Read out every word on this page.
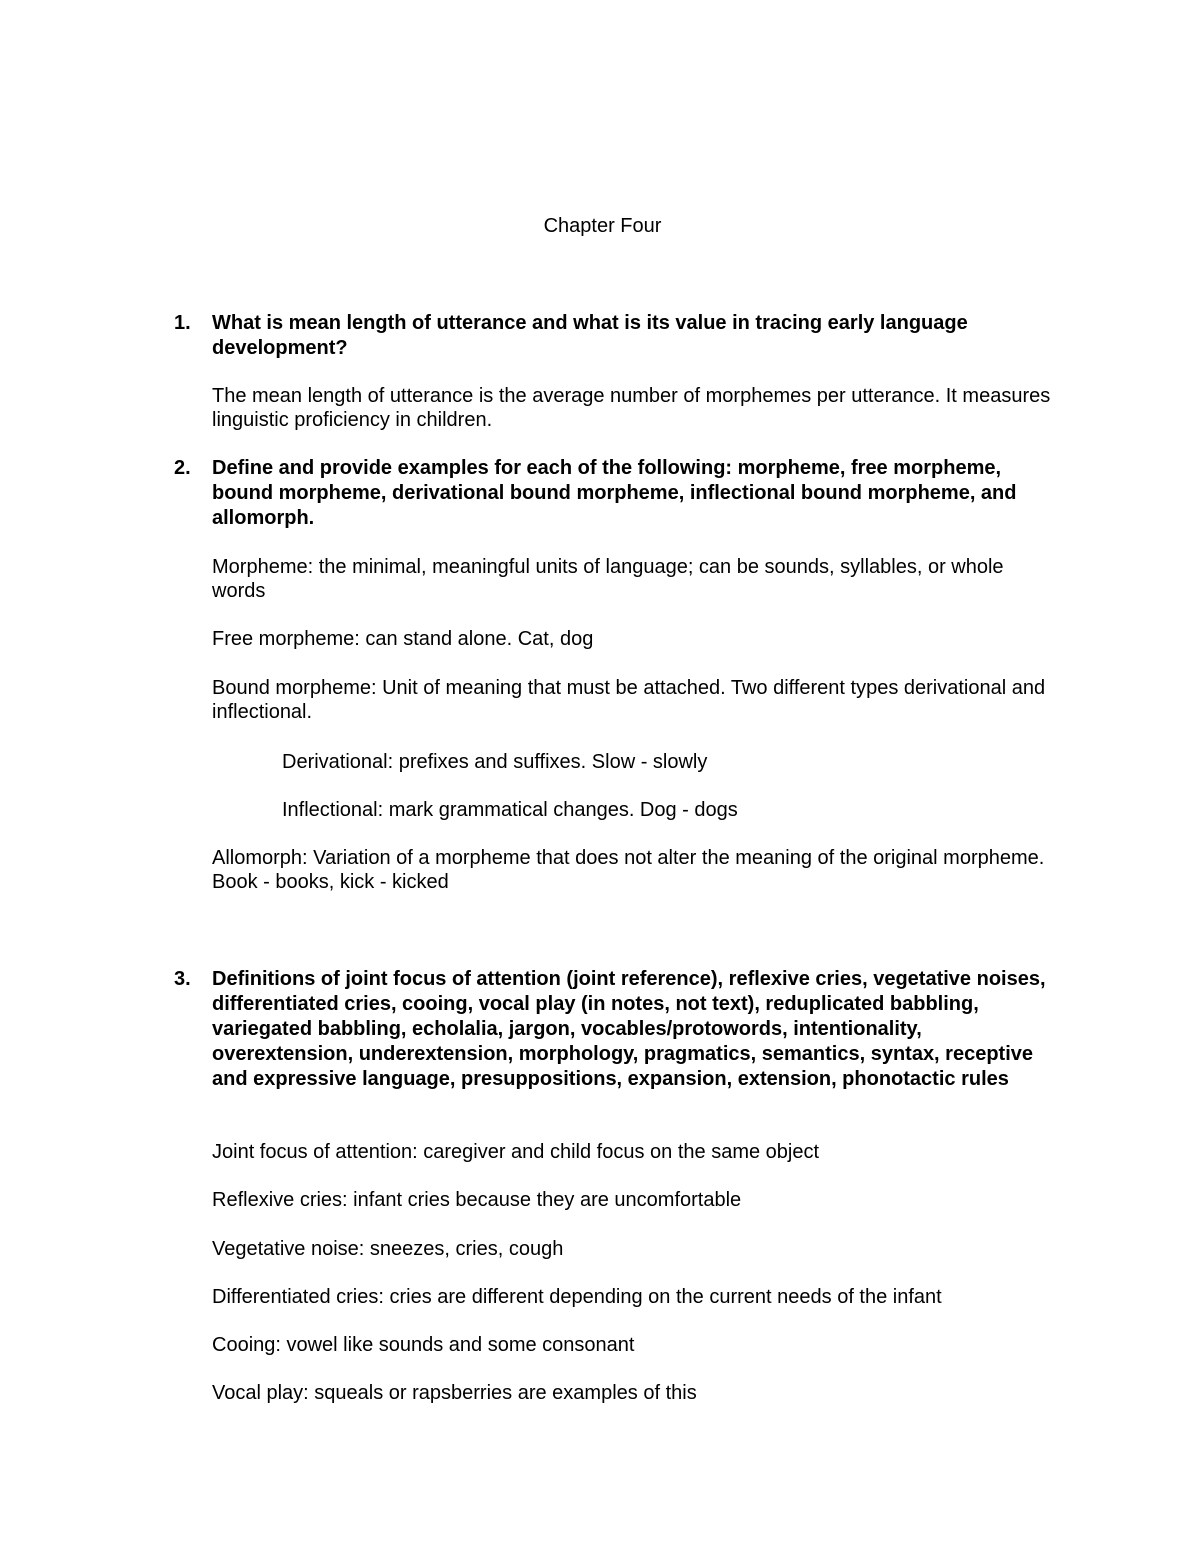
Chapter Four
1. What is mean length of utterance and what is its value in tracing early language development?
The mean length of utterance is the average number of morphemes per utterance. It measures linguistic proficiency in children.
2. Define and provide examples for each of the following: morpheme, free morpheme, bound morpheme, derivational bound morpheme, inflectional bound morpheme, and allomorph.
Morpheme: the minimal, meaningful units of language; can be sounds, syllables, or whole words
Free morpheme: can stand alone. Cat, dog
Bound morpheme: Unit of meaning that must be attached. Two different types derivational and inflectional.
Derivational: prefixes and suffixes. Slow - slowly
Inflectional: mark grammatical changes. Dog - dogs
Allomorph: Variation of a morpheme that does not alter the meaning of the original morpheme. Book - books, kick - kicked
3. Definitions of joint focus of attention (joint reference), reflexive cries, vegetative noises, differentiated cries, cooing, vocal play (in notes, not text), reduplicated babbling, variegated babbling, echolalia, jargon, vocables/protowords, intentionality, overextension, underextension, morphology, pragmatics, semantics, syntax, receptive and expressive language, presuppositions, expansion, extension, phonotactic rules
Joint focus of attention: caregiver and child focus on the same object
Reflexive cries: infant cries because they are uncomfortable
Vegetative noise: sneezes, cries, cough
Differentiated cries: cries are different depending on the current needs of the infant
Cooing: vowel like sounds and some consonant
Vocal play: squeals or rapsberries are examples of this
